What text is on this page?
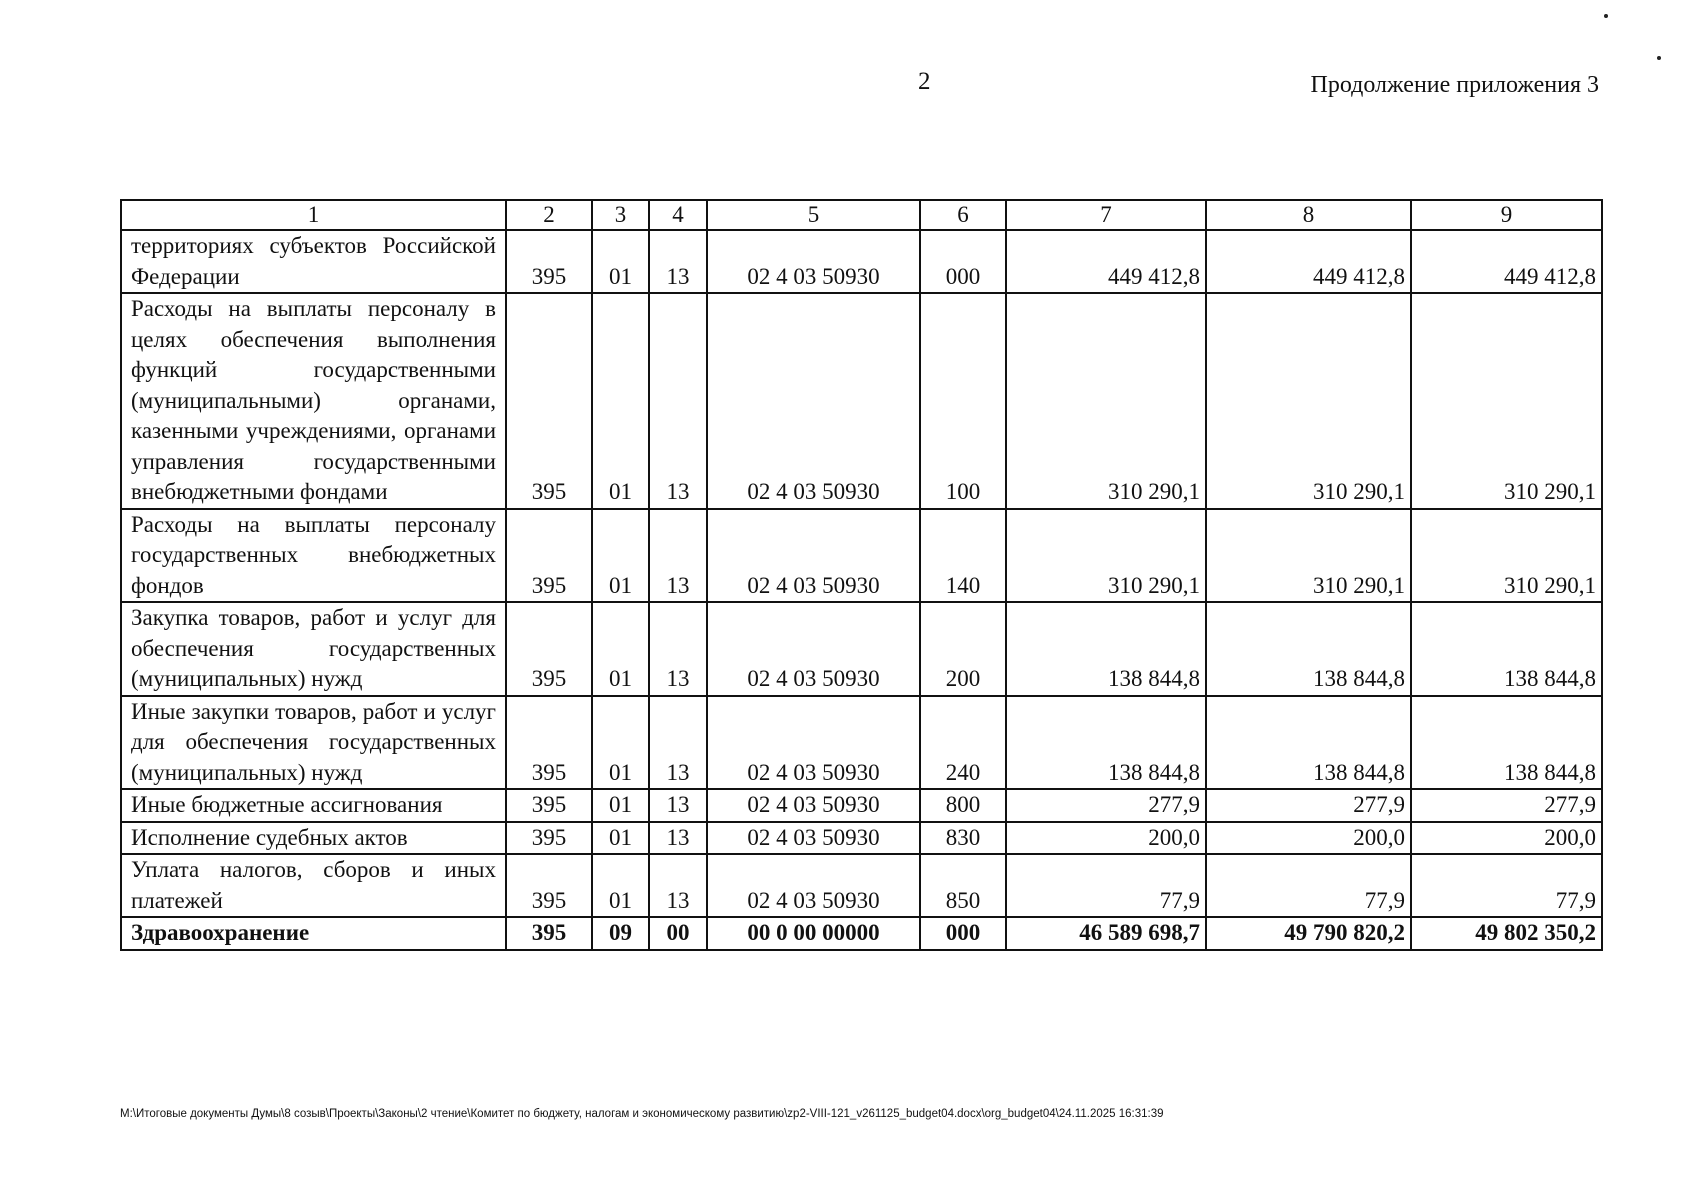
2	Продолжение приложения 3
1	2	3	4	5	6	7	8	9
территориях субъектов Российской Федерации	395	01	13	02 4 03 50930	000	449 412,8	449 412,8	449 412,8
Расходы на выплаты персоналу в целях обеспечения выполнения функций государственными (муниципальными) органами, казенными учреждениями, органами управления государственными внебюджетными фондами	395	01	13	02 4 03 50930	100	310 290,1	310 290,1	310 290,1
Расходы на выплаты персоналу государственных внебюджетных фондов	395	01	13	02 4 03 50930	140	310 290,1	310 290,1	310 290,1
Закупка товаров, работ и услуг для обеспечения государственных (муниципальных) нужд	395	01	13	02 4 03 50930	200	138 844,8	138 844,8	138 844,8
Иные закупки товаров, работ и услуг для обеспечения государственных (муниципальных) нужд	395	01	13	02 4 03 50930	240	138 844,8	138 844,8	138 844,8
Иные бюджетные ассигнования	395	01	13	02 4 03 50930	800	277,9	277,9	277,9
Исполнение судебных актов	395	01	13	02 4 03 50930	830	200,0	200,0	200,0
Уплата налогов, сборов и иных платежей	395	01	13	02 4 03 50930	850	77,9	77,9	77,9
Здравоохранение	395	09	00	00 0 00 00000	000	46 589 698,7	49 790 820,2	49 802 350,2
M:\Итоговые документы Думы\8 созыв\Проекты\Законы\2 чтение\Комитет по бюджету, налогам и экономическому развитию\zp2-VIII-121_v261125_budget04.docx\org_budget04\24.11.2025 16:31:39
